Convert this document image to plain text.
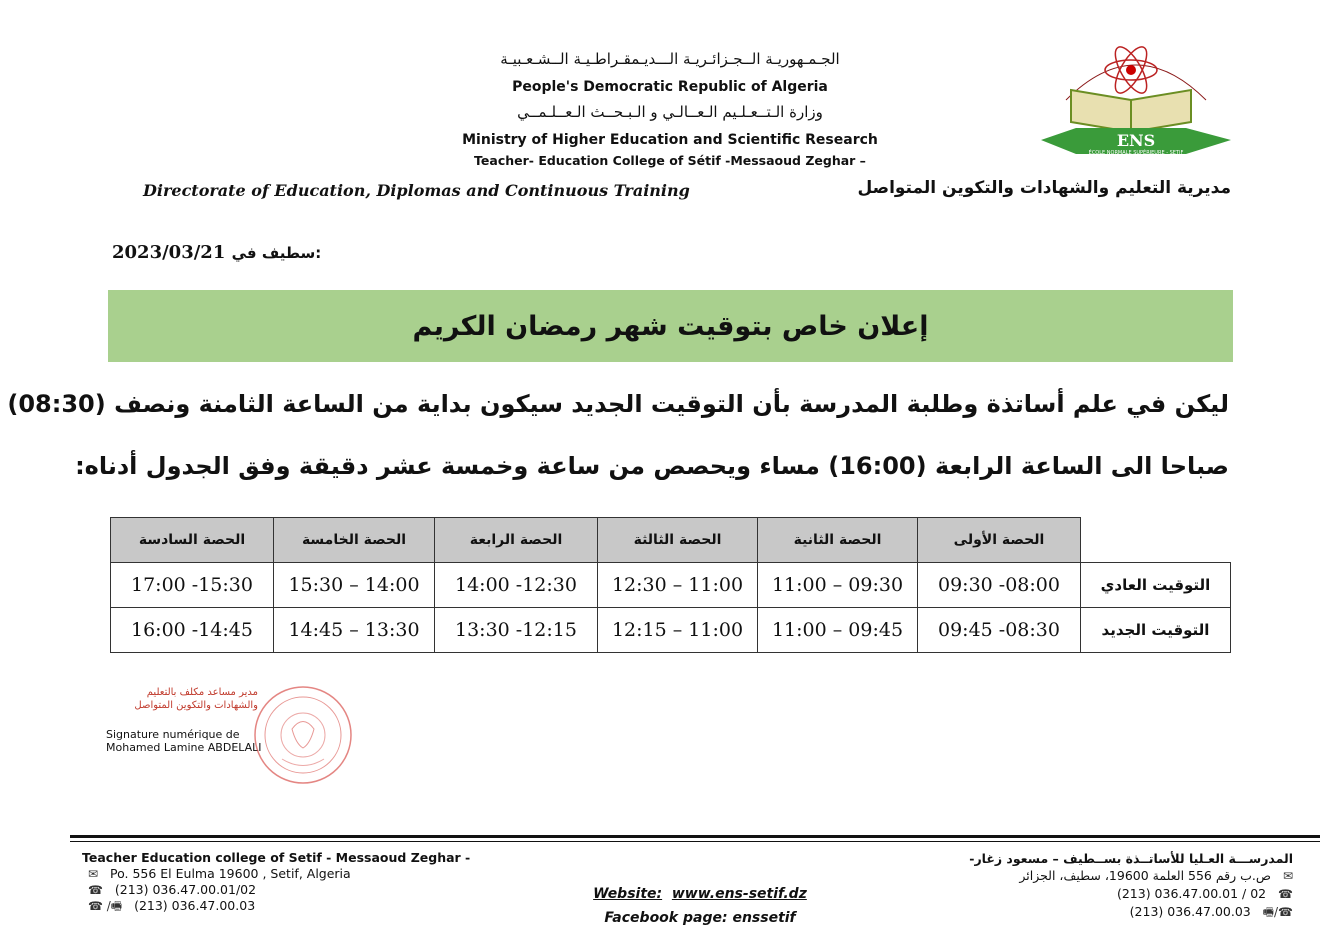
ENS
ÉCOLE NORMALE SUPÉRIEURE - SETIF
الجـمـهوريـة الــجـزائـريـة الـــديـمقـراطـيـة الــشـعـبيـة
People's Democratic Republic of Algeria
وزارة الـتــعـلـيم الـعــالـي و الـبـحــث الـعــلـمــي
Ministry of Higher Education and Scientific Research
Teacher- Education College of Sétif -Messaoud Zeghar –
Directorate of Education, Diplomas and Continuous Training	مديرية التعليم والشهادات والتكوين المتواصل
2023/03/21 سطيف في:
إعلان خاص بتوقيت شهر رمضان الكريم
ليكن في علم أساتذة وطلبة المدرسة بأن التوقيت الجديد سيكون بداية من الساعة الثامنة ونصف (08:30)
صباحا الى الساعة الرابعة (16:00) مساء ويحصص من ساعة وخمسة عشر دقيقة وفق الجدول أدناه:
الحصة السادسة	الحصة الخامسة	الحصة الرابعة	الحصة الثالثة	الحصة الثانية	الحصة الأولى	
17:00 -15:30	15:30 – 14:00	14:00 -12:30	12:30 – 11:00	11:00 – 09:30	09:30 -08:00	التوقيت العادي
16:00 -14:45	14:45 – 13:30	13:30 -12:15	12:15 – 11:00	11:00 – 09:45	09:45 -08:30	التوقيت الجديد
مدير مساعد مكلف بالتعليم والشهادات والتكوين المتواصل
Signature numérique de
Mohamed Lamine ABDELALI
Teacher Education college of Setif - Messaoud Zeghar -
✉ Po. 556 El Eulma 19600 , Setif, Algeria
☎ (213) 036.47.00.01/02
☎ /🖷 (213) 036.47.00.03
Website: www.ens-setif.dz
Facebook page: enssetif
المدرســـة العـليا للأساتــذة بســطيف – مسعود زغار-
ص.ب رقم 556 العلمة 19600، سطيف، الجزائر ✉
(213) 036.47.00.01 / 02 ☎
(213) 036.47.00.03 🖷/☎
